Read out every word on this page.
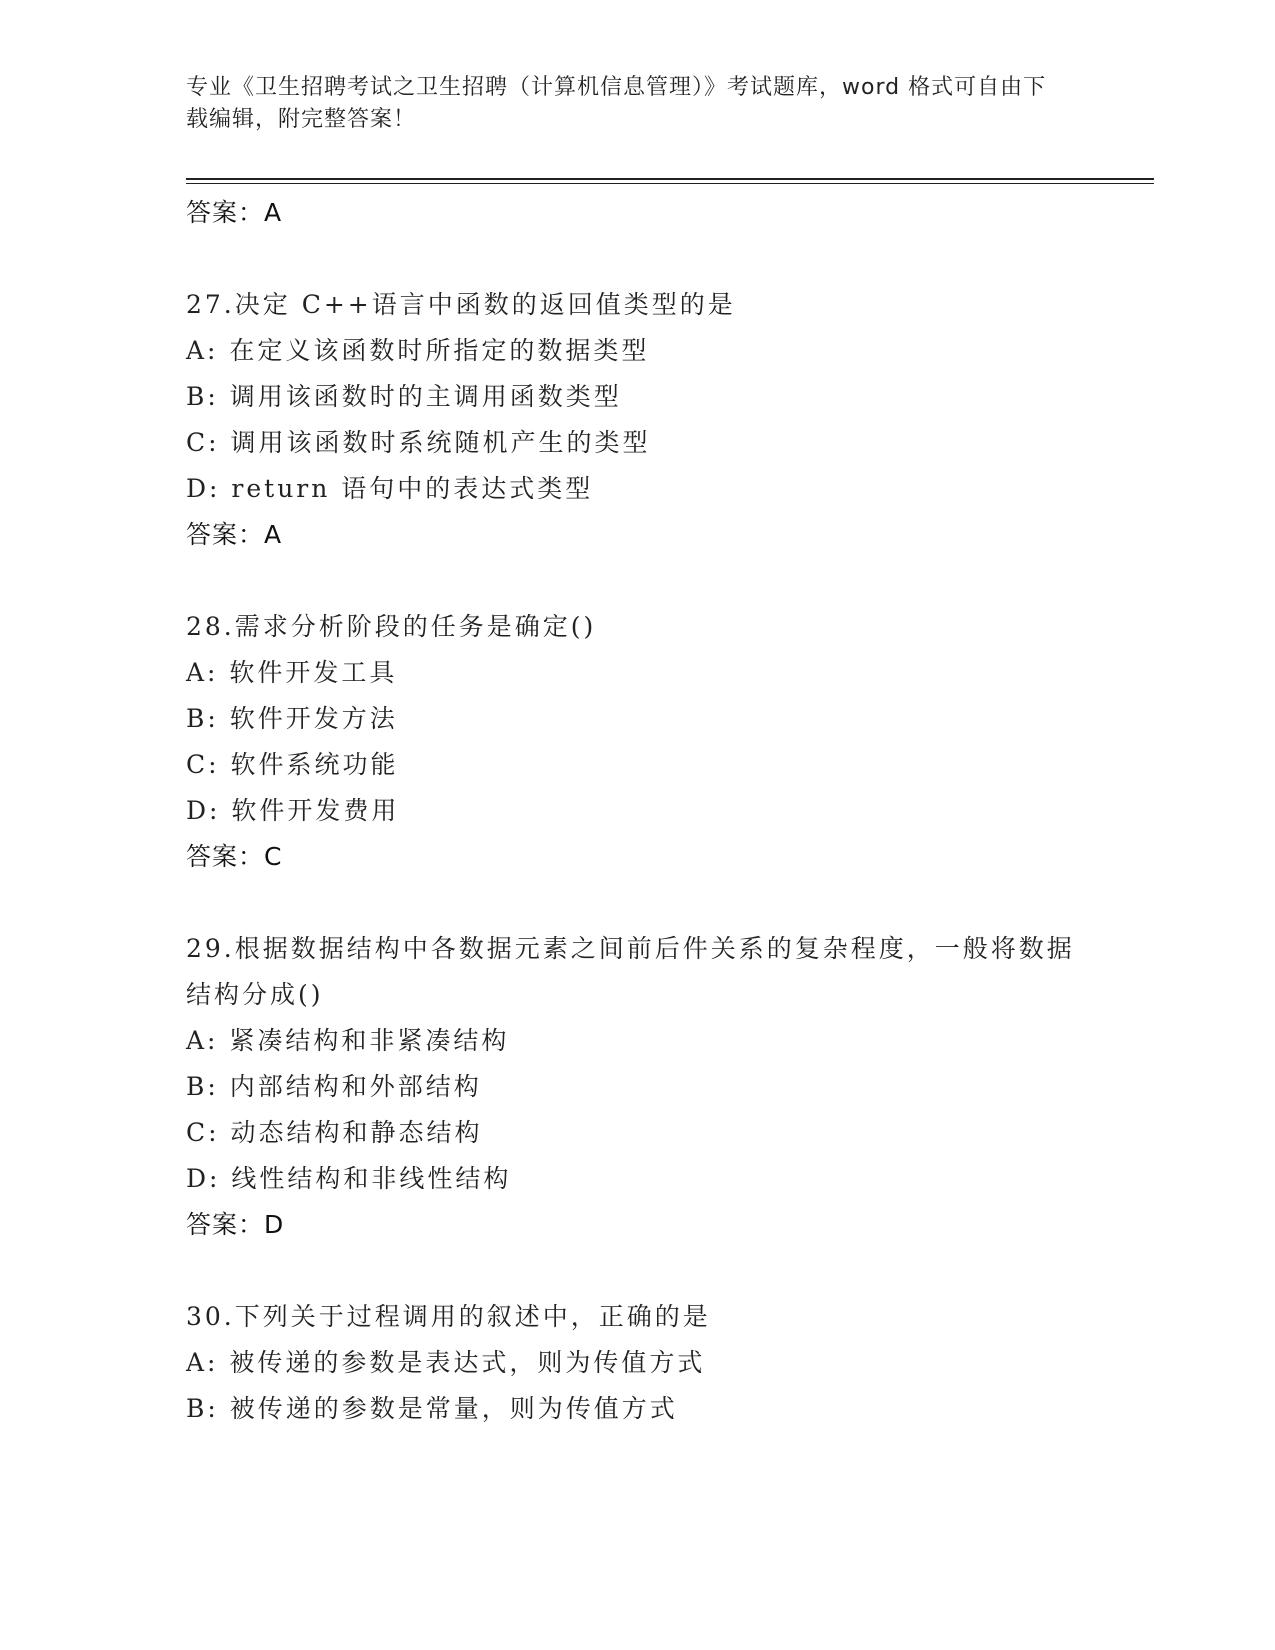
专业《卫生招聘考试之卫生招聘（计算机信息管理）》考试题库，word 格式可自由下载编辑，附完整答案！
答案：A
27.决定 C++语言中函数的返回值类型的是
A: 在定义该函数时所指定的数据类型
B: 调用该函数时的主调用函数类型
C: 调用该函数时系统随机产生的类型
D: return 语句中的表达式类型
答案：A
28.需求分析阶段的任务是确定()
A: 软件开发工具
B: 软件开发方法
C: 软件系统功能
D: 软件开发费用
答案：C
29.根据数据结构中各数据元素之间前后件关系的复杂程度，一般将数据结构分成()
A: 紧凑结构和非紧凑结构
B: 内部结构和外部结构
C: 动态结构和静态结构
D: 线性结构和非线性结构
答案：D
30.下列关于过程调用的叙述中，正确的是
A: 被传递的参数是表达式，则为传值方式
B: 被传递的参数是常量，则为传值方式
